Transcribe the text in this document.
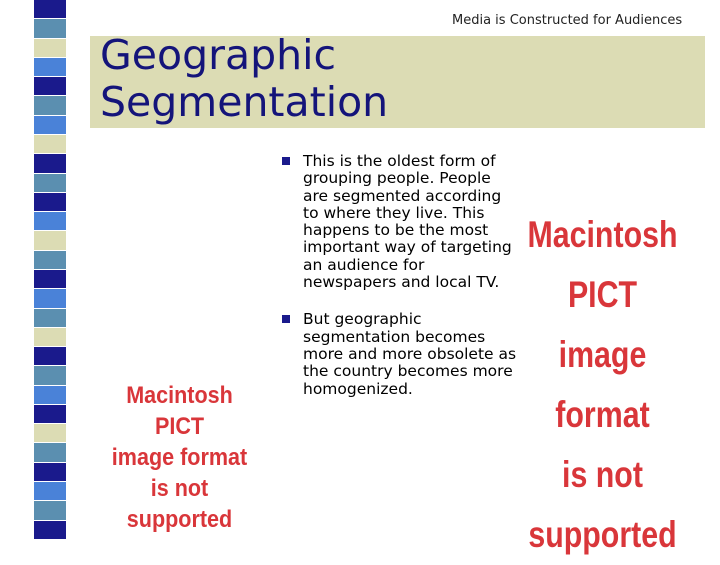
Media is Constructed for Audiences
Geographic
Segmentation
This is the oldest form of
grouping people. People
are segmented according
to where they live. This
happens to be the most
important way of targeting
an audience for
newspapers and local TV.
But geographic
segmentation becomes
more and more obsolete as
the country becomes more
homogenized.
Macintosh PICT
image format
is not supported
Macintosh PICT
image format
is not supported
